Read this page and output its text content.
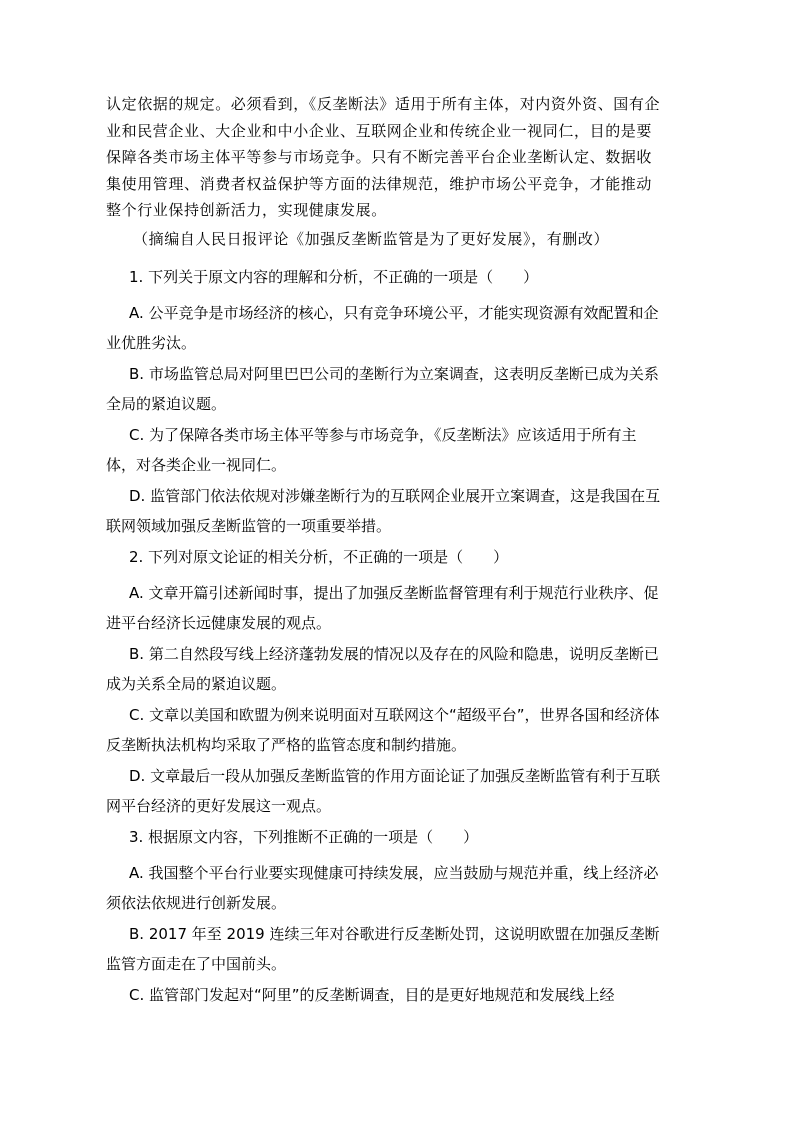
认定依据的规定。必须看到，《反垄断法》适用于所有主体，对内资外资、国有企业和民营企业、大企业和中小企业、互联网企业和传统企业一视同仁，目的是要保障各类市场主体平等参与市场竞争。只有不断完善平台企业垄断认定、数据收集使用管理、消费者权益保护等方面的法律规范，维护市场公平竞争，才能推动整个行业保持创新活力，实现健康发展。

（摘编自人民日报评论《加强反垄断监管是为了更好发展》，有删改）

1. 下列关于原文内容的理解和分析，不正确的一项是（　　）

A. 公平竞争是市场经济的核心，只有竞争环境公平，才能实现资源有效配置和企业优胜劣汰。

B. 市场监管总局对阿里巴巴公司的垄断行为立案调查，这表明反垄断已成为关系全局的紧迫议题。

C. 为了保障各类市场主体平等参与市场竞争，《反垄断法》应该适用于所有主体，对各类企业一视同仁。

D. 监管部门依法依规对涉嫌垄断行为的互联网企业展开立案调查，这是我国在互联网领域加强反垄断监管的一项重要举措。

2. 下列对原文论证的相关分析，不正确的一项是（　　）

A. 文章开篇引述新闻时事，提出了加强反垄断监督管理有利于规范行业秩序、促进平台经济长远健康发展的观点。

B. 第二自然段写线上经济蓬勃发展的情况以及存在的风险和隐患，说明反垄断已成为关系全局的紧迫议题。

C. 文章以美国和欧盟为例来说明面对互联网这个“超级平台”，世界各国和经济体反垄断执法机构均采取了严格的监管态度和制约措施。

D. 文章最后一段从加强反垄断监管的作用方面论证了加强反垄断监管有利于互联网平台经济的更好发展这一观点。

3. 根据原文内容，下列推断不正确的一项是（　　）

A. 我国整个平台行业要实现健康可持续发展，应当鼓励与规范并重，线上经济必须依法依规进行创新发展。

B. 2017 年至 2019 连续三年对谷歌进行反垄断处罚，这说明欧盟在加强反垄断监管方面走在了中国前头。

C. 监管部门发起对“阿里”的反垄断调查，目的是更好地规范和发展线上经
